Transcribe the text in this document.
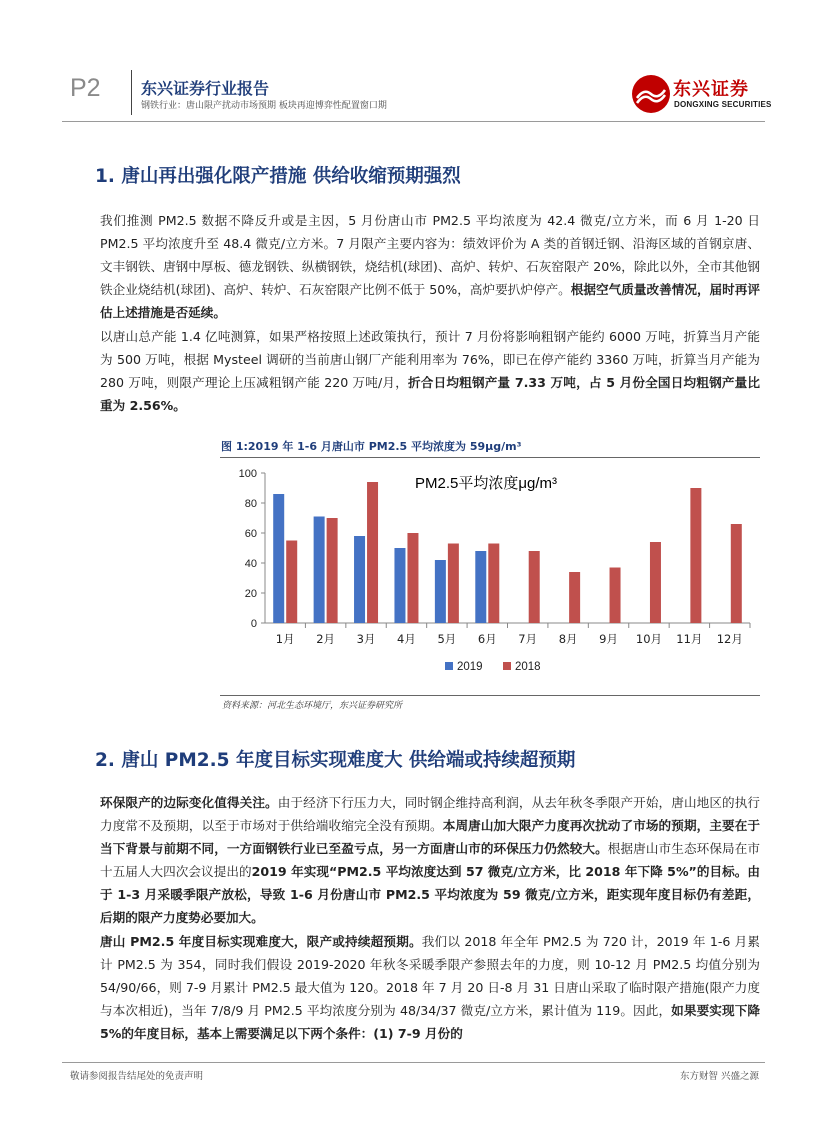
P2	东兴证券行业报告
钢铁行业：唐山限产扰动市场预期 板块再迎博弈性配置窗口期
东兴证券
DONGXING SECURITIES
1. 唐山再出强化限产措施 供给收缩预期强烈
我们推测 PM2.5 数据不降反升或是主因，5 月份唐山市 PM2.5 平均浓度为 42.4 微克/立方米，而 6 月 1-20 日 PM2.5 平均浓度升至 48.4 微克/立方米。7 月限产主要内容为：绩效评价为 A 类的首钢迁钢、沿海区域的首钢京唐、文丰钢铁、唐钢中厚板、德龙钢铁、纵横钢铁，烧结机(球团)、高炉、转炉、石灰窑限产 20%，除此以外，全市其他钢铁企业烧结机(球团)、高炉、转炉、石灰窑限产比例不低于 50%，高炉要扒炉停产。根据空气质量改善情况，届时再评估上述措施是否延续。
以唐山总产能 1.4 亿吨测算，如果严格按照上述政策执行，预计 7 月份将影响粗钢产能约 6000 万吨，折算当月产能为 500 万吨，根据 Mysteel 调研的当前唐山钢厂产能利用率为 76%，即已在停产能约 3360 万吨，折算当月产能为 280 万吨，则限产理论上压减粗钢产能 220 万吨/月，折合日均粗钢产量 7.33 万吨，占 5 月份全国日均粗钢产量比重为 2.56%。
图 1:2019 年 1-6 月唐山市 PM2.5 平均浓度为 59μg/m³
PM2.5平均浓度μg/m³
0
20
40
60
80
100
1月 2月 3月 4月 5月 6月 7月 8月 9月 10月 11月 12月
2019	2018
资料来源：河北生态环境厅，东兴证券研究所
2. 唐山 PM2.5 年度目标实现难度大 供给端或持续超预期
环保限产的边际变化值得关注。由于经济下行压力大，同时钢企维持高利润，从去年秋冬季限产开始，唐山地区的执行力度常不及预期，以至于市场对于供给端收缩完全没有预期。本周唐山加大限产力度再次扰动了市场的预期，主要在于当下背景与前期不同，一方面钢铁行业已至盈亏点，另一方面唐山市的环保压力仍然较大。根据唐山市生态环保局在市十五届人大四次会议提出的2019 年实现“PM2.5 平均浓度达到 57 微克/立方米，比 2018 年下降 5%”的目标。由于 1-3 月采暖季限产放松，导致 1-6 月份唐山市 PM2.5 平均浓度为 59 微克/立方米，距实现年度目标仍有差距，后期的限产力度势必要加大。
唐山 PM2.5 年度目标实现难度大，限产或持续超预期。我们以 2018 年全年 PM2.5 为 720 计，2019 年 1-6 月累计 PM2.5 为 354，同时我们假设 2019-2020 年秋冬采暖季限产参照去年的力度，则 10-12 月 PM2.5 均值分别为 54/90/66，则 7-9 月累计 PM2.5 最大值为 120。2018 年 7 月 20 日-8 月 31 日唐山采取了临时限产措施(限产力度与本次相近)，当年 7/8/9 月 PM2.5 平均浓度分别为 48/34/37 微克/立方米，累计值为 119。因此，如果要实现下降 5%的年度目标，基本上需要满足以下两个条件：(1) 7-9 月份的
敬请参阅报告结尾处的免责声明	东方财智 兴盛之源
